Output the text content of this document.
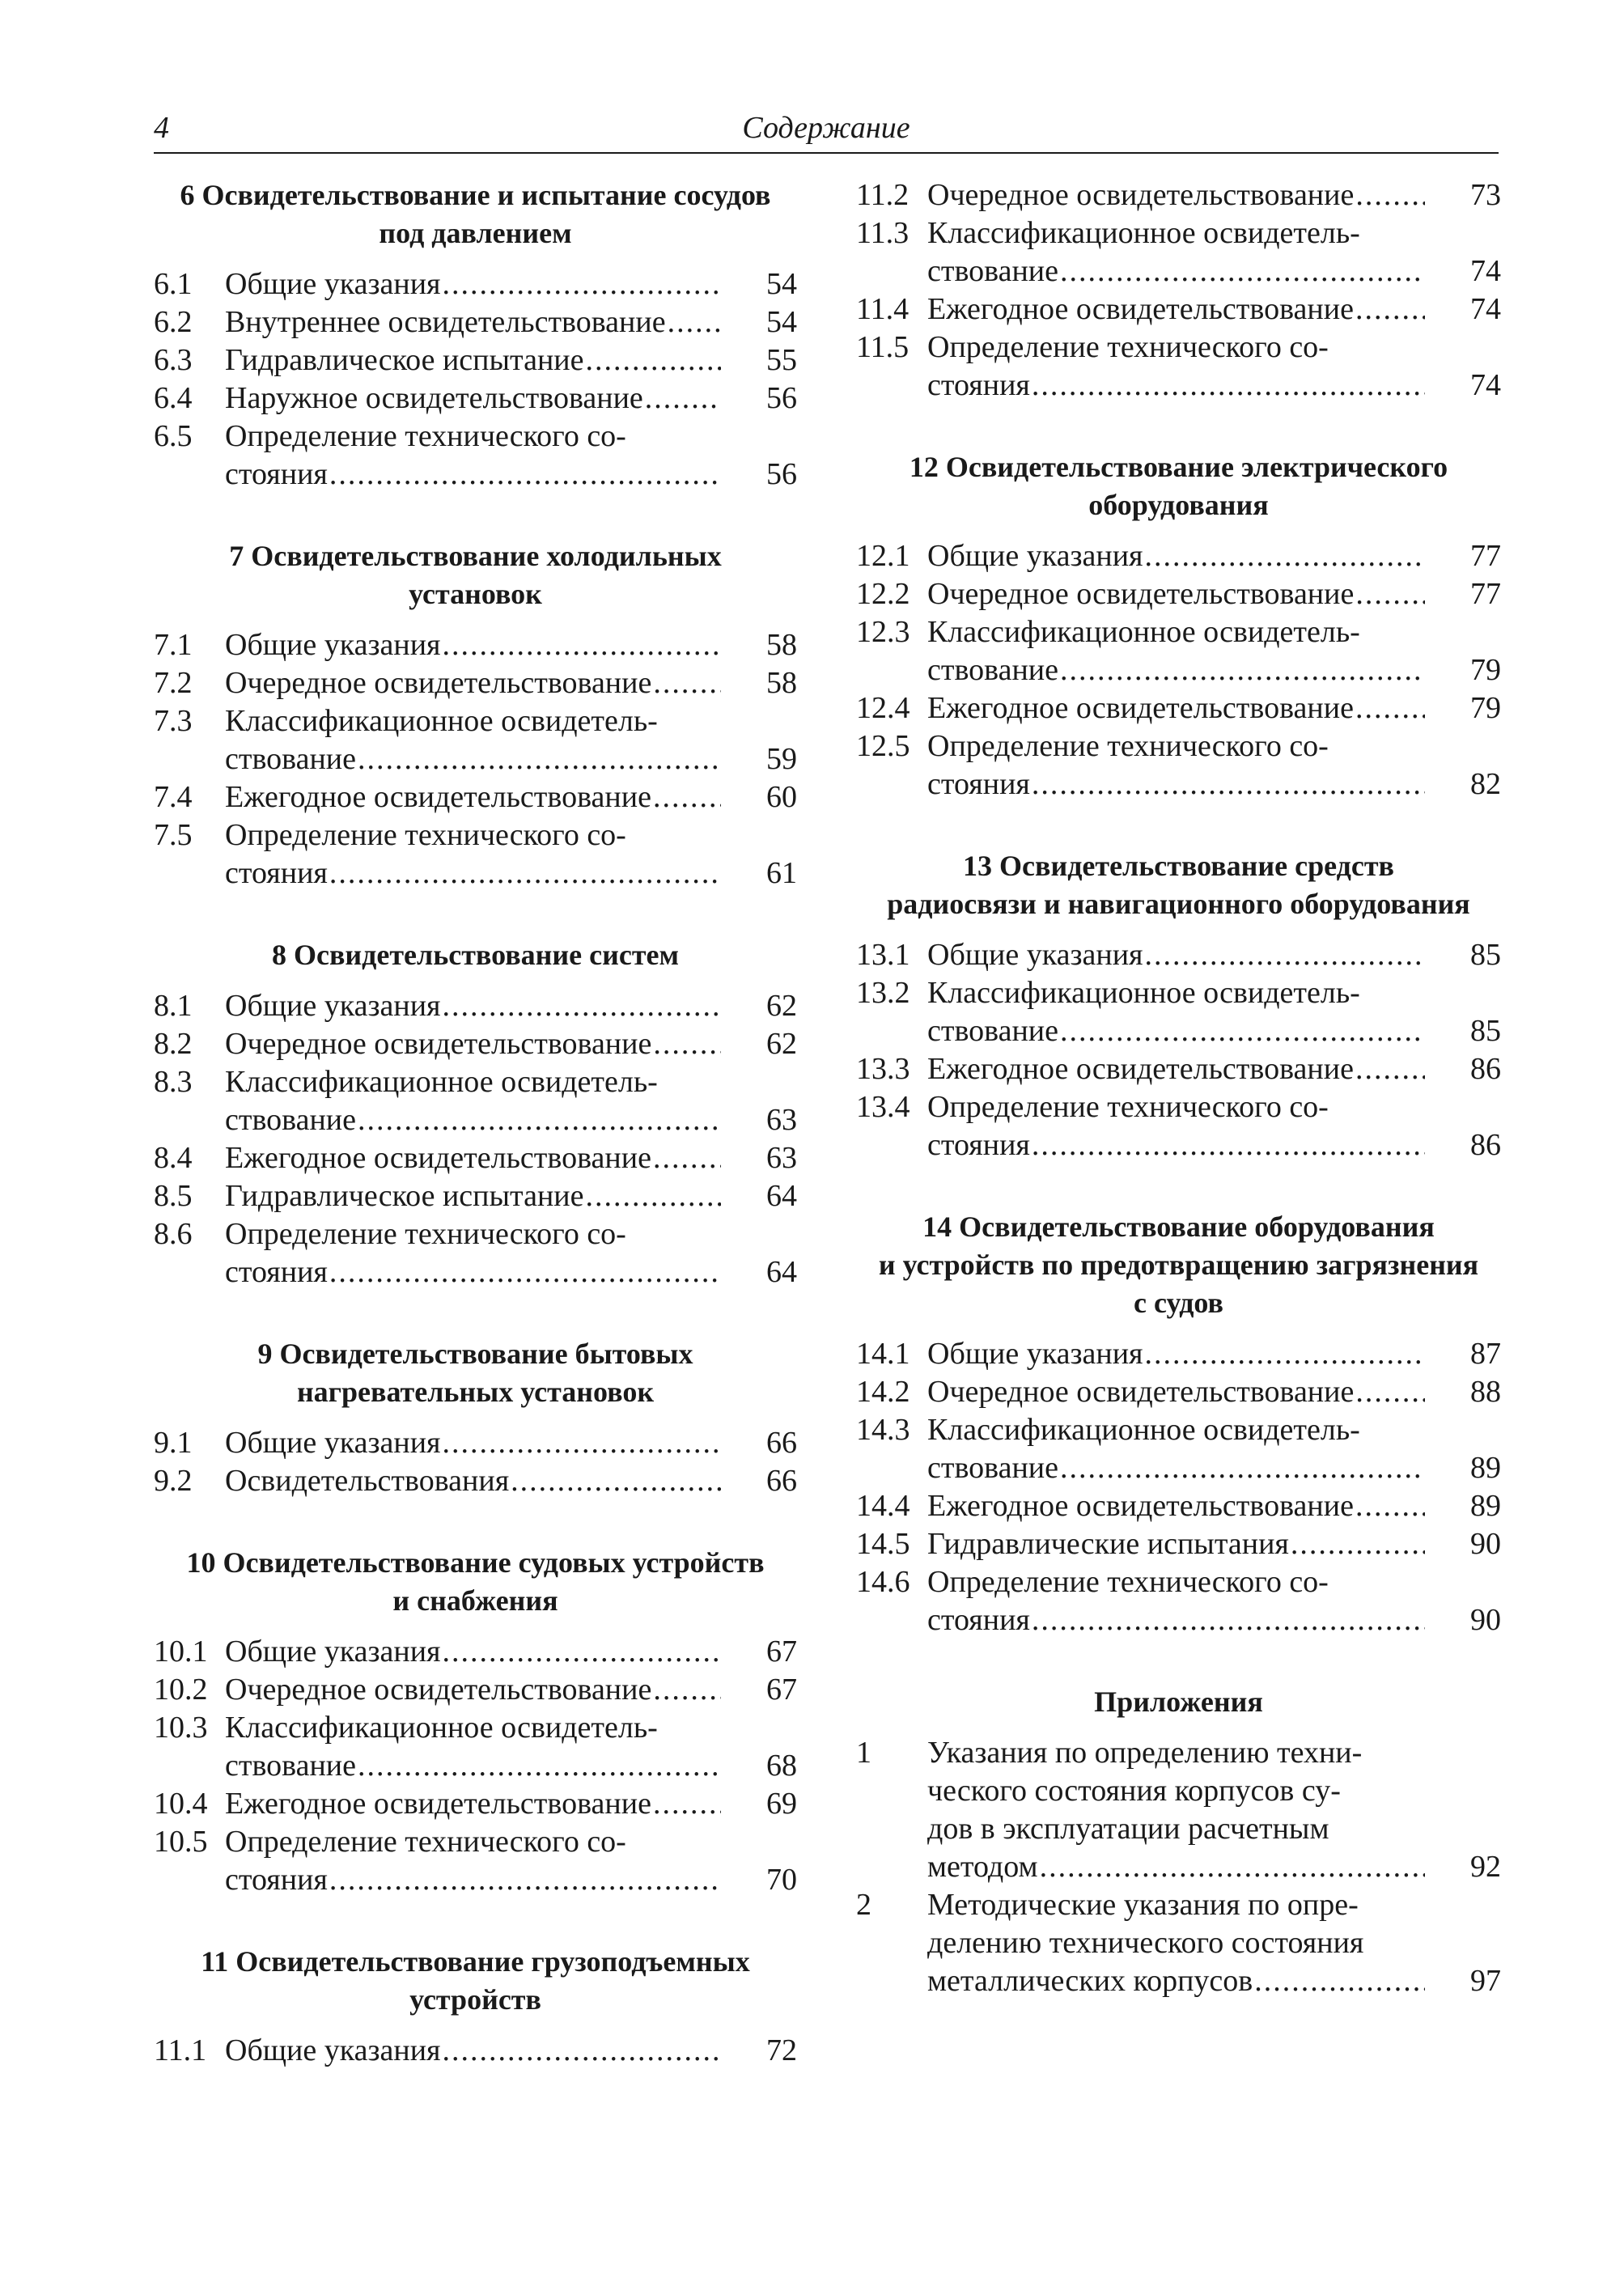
4	Содержание
6 Освидетельствование и испытание сосудов
под давлением
6.1 Общие указания .....	54
6.2 Внутреннее освидетельствование .....	54
6.3 Гидравлическое испытание .....	55
6.4 Наружное освидетельствование .....	56
6.5 Определение технического со-
стояния .....	56
7 Освидетельствование холодильных
установок
7.1 Общие указания .....	58
7.2 Очередное освидетельствование .....	58
7.3 Классификационное освидетель-
ствование .....	59
7.4 Ежегодное освидетельствование .....	60
7.5 Определение технического со-
стояния .....	61
8 Освидетельствование систем
8.1 Общие указания .....	62
8.2 Очередное освидетельствование .....	62
8.3 Классификационное освидетель-
ствование .....	63
8.4 Ежегодное освидетельствование .....	63
8.5 Гидравлическое испытание .....	64
8.6 Определение технического со-
стояния .....	64
9 Освидетельствование бытовых
нагревательных установок
9.1 Общие указания .....	66
9.2 Освидетельствования .....	66
10 Освидетельствование судовых устройств
и снабжения
10.1 Общие указания .....	67
10.2 Очередное освидетельствование .....	67
10.3 Классификационное освидетель-
ствование .....	68
10.4 Ежегодное освидетельствование .....	69
10.5 Определение технического со-
стояния .....	70
11 Освидетельствование грузоподъемных
устройств
11.1 Общие указания .....	72
11.2 Очередное освидетельствование .....	73
11.3 Классификационное освидетель-
ствование .....	74
11.4 Ежегодное освидетельствование .....	74
11.5 Определение технического со-
стояния .....	74
12 Освидетельствование электрического
оборудования
12.1 Общие указания .....	77
12.2 Очередное освидетельствование .....	77
12.3 Классификационное освидетель-
ствование .....	79
12.4 Ежегодное освидетельствование .....	79
12.5 Определение технического со-
стояния .....	82
13 Освидетельствование средств
радиосвязи и навигационного оборудования
13.1 Общие указания .....	85
13.2 Классификационное освидетель-
ствование .....	85
13.3 Ежегодное освидетельствование .....	86
13.4 Определение технического со-
стояния .....	86
14 Освидетельствование оборудования
и устройств по предотвращению загрязнения
с судов
14.1 Общие указания .....	87
14.2 Очередное освидетельствование .....	88
14.3 Классификационное освидетель-
ствование .....	89
14.4 Ежегодное освидетельствование .....	89
14.5 Гидравлические испытания .....	90
14.6 Определение технического со-
стояния .....	90
Приложения
1 Указания по определению техни-
ческого состояния корпусов су-
дов в эксплуатации расчетным
методом .....	92
2 Методические указания по опре-
делению технического состояния
металлических корпусов .....	97
